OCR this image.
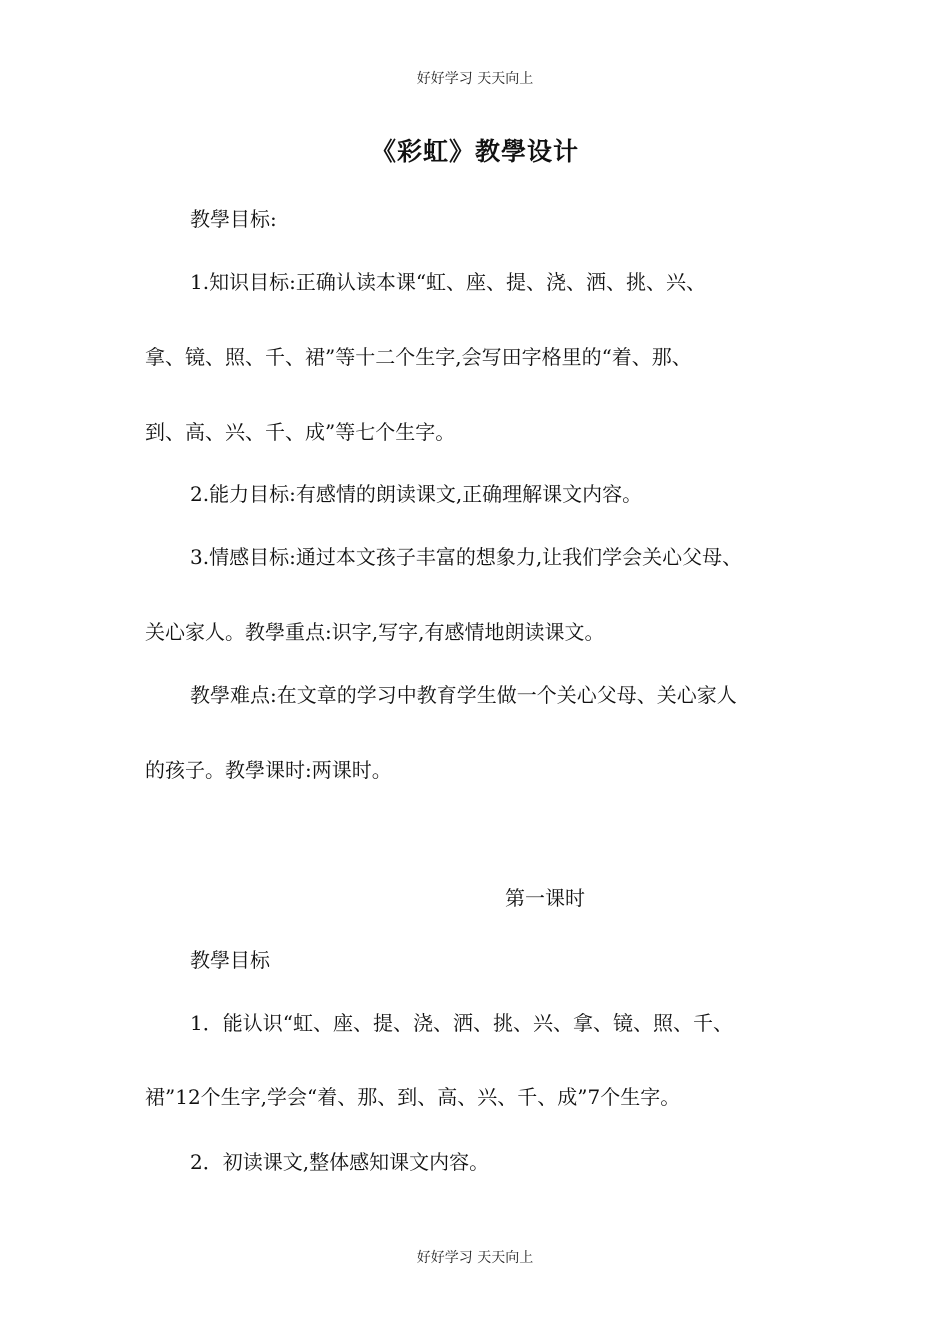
好好学习 天天向上
《彩虹》教學设计
教學目标:
1.知识目标:正确认读本课“虹、座、提、浇、洒、挑、兴、
拿、镜、照、千、裙”等十二个生字,会写田字格里的“着、那、
到、高、兴、千、成”等七个生字。
2.能力目标:有感情的朗读课文,正确理解课文内容。
3.情感目标:通过本文孩子丰富的想象力,让我们学会关心父母、
关心家人。教學重点:识字,写字,有感情地朗读课文。
教學难点:在文章的学习中教育学生做一个关心父母、关心家人
的孩子。教學课时:两课时。
第一课时
教學目标
1．能认识“虹、座、提、浇、洒、挑、兴、拿、镜、照、千、
裙”12个生字,学会“着、那、到、高、兴、千、成”7个生字。
2．初读课文,整体感知课文内容。
好好学习 天天向上
